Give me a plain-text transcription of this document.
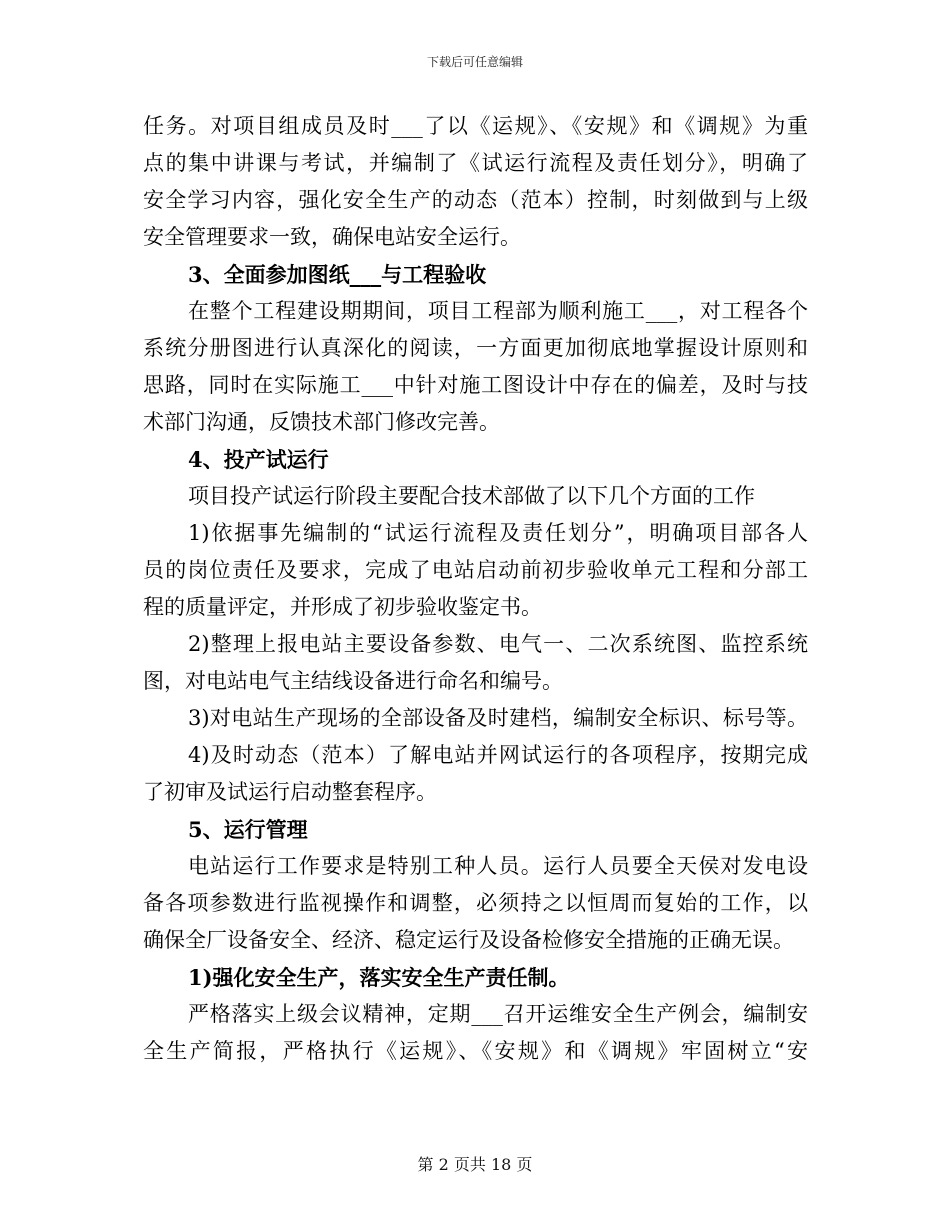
下载后可任意编辑
任务。对项目组成员及时___了以《运规》、《安规》和《调规》为重
点的集中讲课与考试，并编制了《试运行流程及责任划分》，明确了
安全学习内容，强化安全生产的动态（范本）控制，时刻做到与上级
安全管理要求一致，确保电站安全运行。
3、全面参加图纸___与工程验收
在整个工程建设期期间，项目工程部为顺利施工___，对工程各个
系统分册图进行认真深化的阅读，一方面更加彻底地掌握设计原则和
思路，同时在实际施工___中针对施工图设计中存在的偏差，及时与技
术部门沟通，反馈技术部门修改完善。
4、投产试运行
项目投产试运行阶段主要配合技术部做了以下几个方面的工作
1)依据事先编制的“试运行流程及责任划分”，明确项目部各人
员的岗位责任及要求，完成了电站启动前初步验收单元工程和分部工
程的质量评定，并形成了初步验收鉴定书。
2)整理上报电站主要设备参数、电气一、二次系统图、监控系统
图，对电站电气主结线设备进行命名和编号。
3)对电站生产现场的全部设备及时建档，编制安全标识、标号等。
4)及时动态（范本）了解电站并网试运行的各项程序，按期完成
了初审及试运行启动整套程序。
5、运行管理
电站运行工作要求是特别工种人员。运行人员要全天侯对发电设
备各项参数进行监视操作和调整，必须持之以恒周而复始的工作，以
确保全厂设备安全、经济、稳定运行及设备检修安全措施的正确无误。
1)强化安全生产，落实安全生产责任制。
严格落实上级会议精神，定期___召开运维安全生产例会，编制安
全生产简报，严格执行《运规》、《安规》和《调规》牢固树立“安
第 2 页共 18 页
